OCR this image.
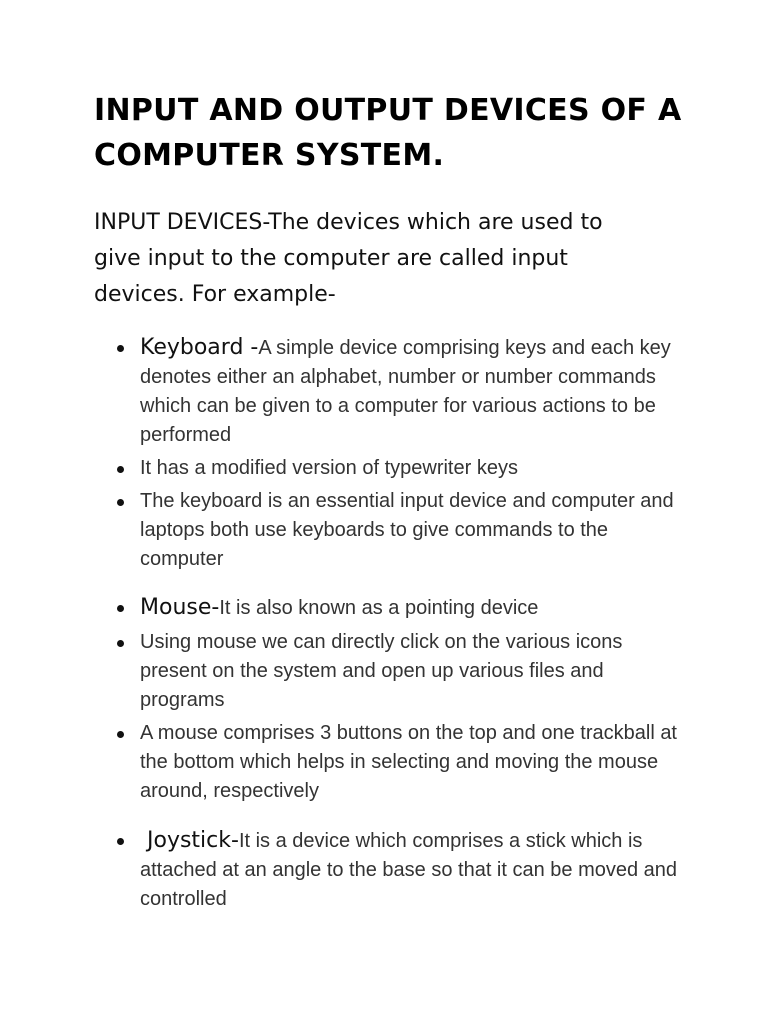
INPUT AND OUTPUT DEVICES OF A COMPUTER SYSTEM.

INPUT DEVICES-The devices which are used to give input to the computer are called input devices. For example-

Keyboard -A simple device comprising keys and each key denotes either an alphabet, number or number commands which can be given to a computer for various actions to be performed
It has a modified version of typewriter keys
The keyboard is an essential input device and computer and laptops both use keyboards to give commands to the computer
Mouse-It is also known as a pointing device
Using mouse we can directly click on the various icons present on the system and open up various files and programs
A mouse comprises 3 buttons on the top and one trackball at the bottom which helps in selecting and moving the mouse around, respectively
Joystick-It is a device which comprises a stick which is attached at an angle to the base so that it can be moved and controlled
